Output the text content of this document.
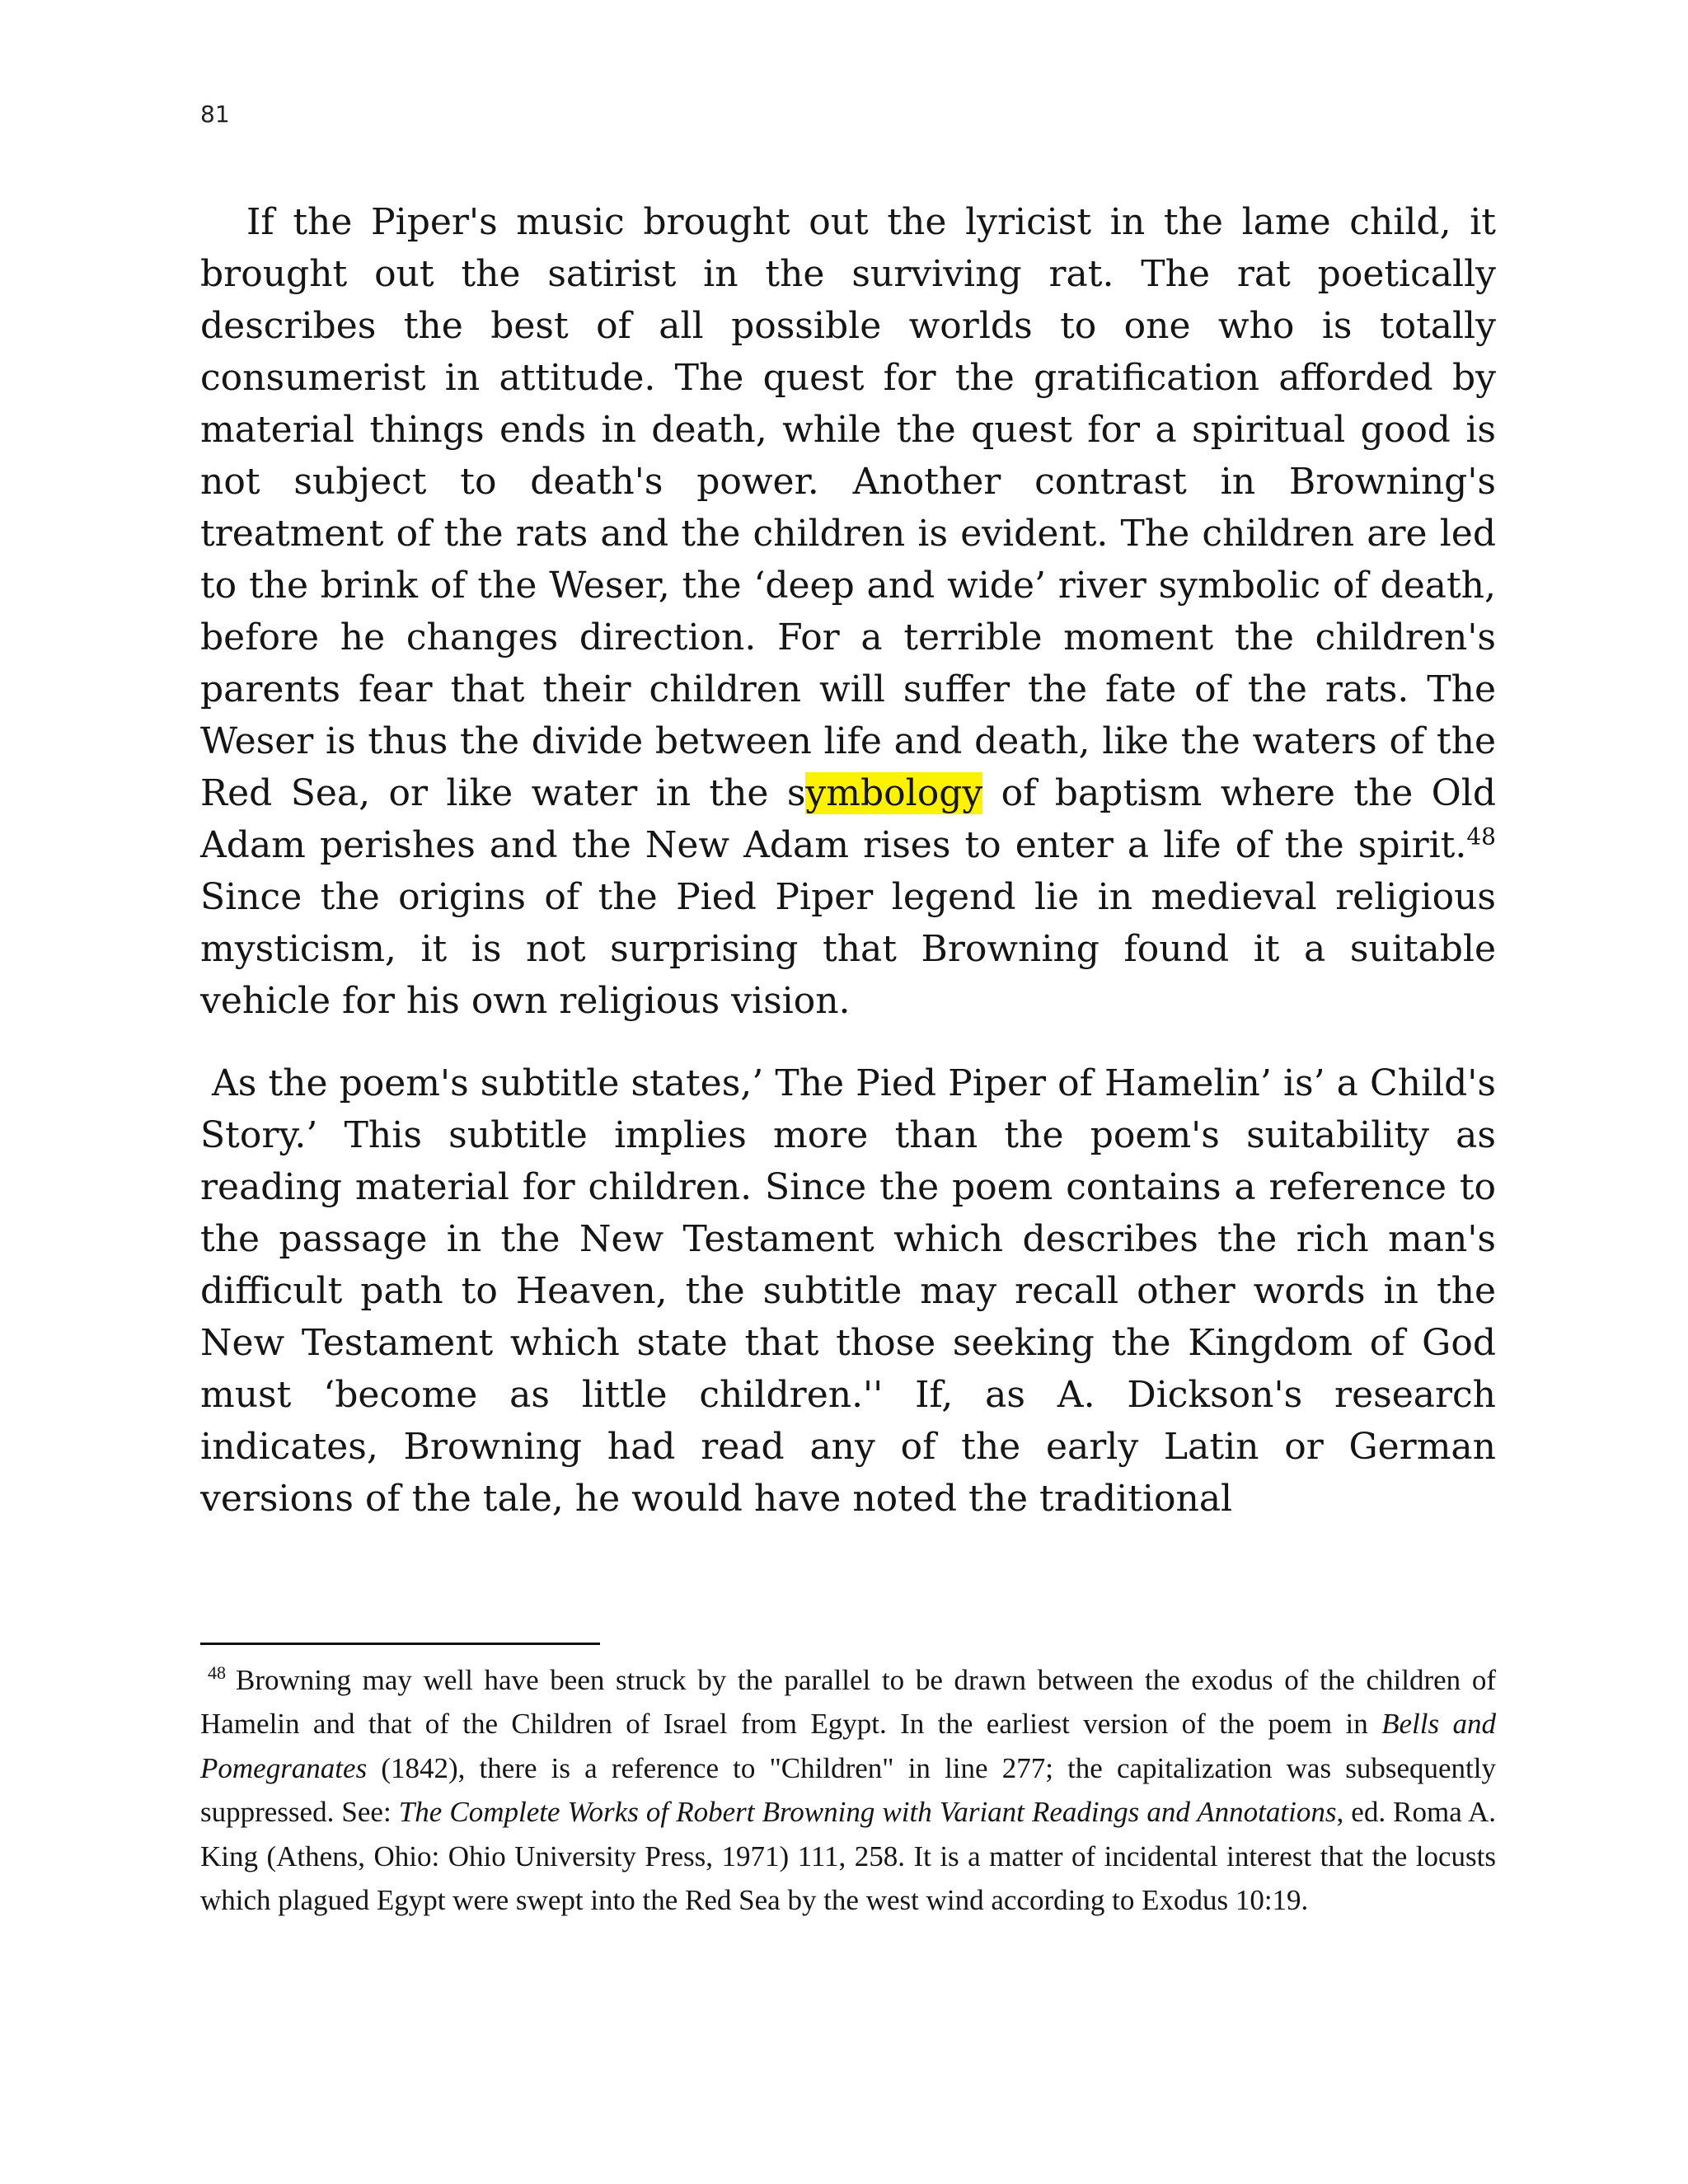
81

If the Piper's music brought out the lyricist in the lame child, it brought out the satirist in the surviving rat. The rat poetically describes the best of all possible worlds to one who is totally consumerist in attitude. The quest for the gratification afforded by material things ends in death, while the quest for a spiritual good is not subject to death's power. Another contrast in Browning's treatment of the rats and the children is evident. The children are led to the brink of the Weser, the ‘deep and wide’ river symbolic of death, before he changes direction. For a terrible moment the children's parents fear that their children will suffer the fate of the rats. The Weser is thus the divide between life and death, like the waters of the Red Sea, or like water in the symbology of baptism where the Old Adam perishes and the New Adam rises to enter a life of the spirit.$^{48}$ Since the origins of the Pied Piper legend lie in medieval religious mysticism, it is not surprising that Browning found it a suitable vehicle for his own religious vision.

As the poem's subtitle states,’ The Pied Piper of Hamelin’ is’ a Child's Story.’ This subtitle implies more than the poem's suitability as reading material for children. Since the poem contains a reference to the passage in the New Testament which describes the rich man's difficult path to Heaven, the subtitle may recall other words in the New Testament which state that those seeking the Kingdom of God must ‘become as little children.'' If, as A. Dickson's research indicates, Browning had read any of the early Latin or German versions of the tale, he would have noted the traditional

$^{48}$ Browning may well have been struck by the parallel to be drawn between the exodus of the children of Hamelin and that of the Children of Israel from Egypt. In the earliest version of the poem in Bells and Pomegranates (1842), there is a reference to "Children" in line 277; the capitalization was subsequently suppressed. See: The Complete Works of Robert Browning with Variant Readings and Annotations, ed. Roma A. King (Athens, Ohio: Ohio University Press, 1971) 111, 258. It is a matter of incidental interest that the locusts which plagued Egypt were swept into the Red Sea by the west wind according to Exodus 10:19.
